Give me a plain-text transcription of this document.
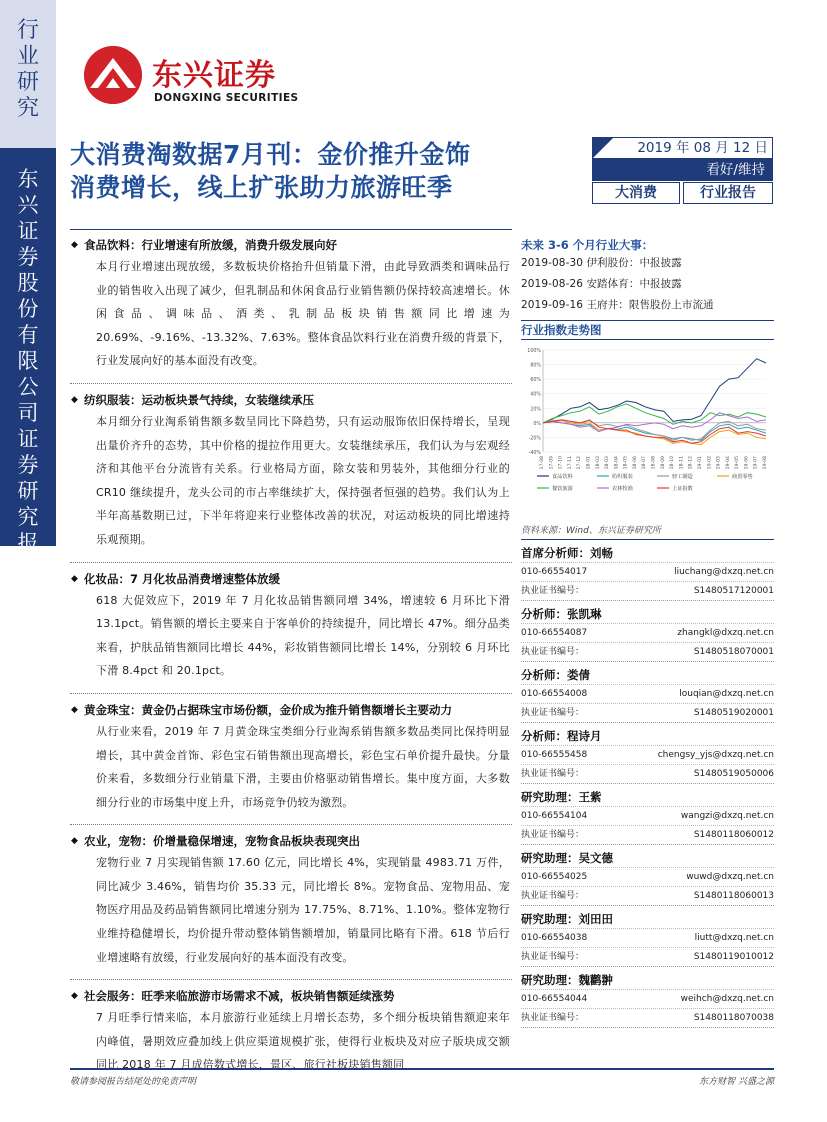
行业研究
东兴证券股份有限公司证券研究报告
东兴证券
DONGXING SECURITIES
大消费淘数据7月刊：金价推升金饰
消费增长，线上扩张助力旅游旺季
2019 年 08 月 12 日
看好/维持
大消费	行业报告
◆ 食品饮料：行业增速有所放缓，消费升级发展向好
本月行业增速出现放缓，多数板块价格抬升但销量下滑，由此导致酒类和调味品行业的销售收入出现了减少，但乳制品和休闲食品行业销售额仍保持较高速增长。休闲食品、调味品、酒类、乳制品板块销售额同比增速为 20.69%、-9.16%、-13.32%、7.63%。整体食品饮料行业在消费升级的背景下，行业发展向好的基本面没有改变。
◆ 纺织服装：运动板块景气持续，女装继续承压
本月细分行业淘系销售额多数呈同比下降趋势，只有运动服饰依旧保持增长，呈现出量价齐升的态势，其中价格的提拉作用更大。女装继续承压，我们认为与宏观经济和其他平台分流皆有关系。行业格局方面，除女装和男装外，其他细分行业的 CR10 继续提升，龙头公司的市占率继续扩大，保持强者恒强的趋势。我们认为上半年高基数期已过，下半年将迎来行业整体改善的状况，对运动板块的同比增速持乐观预期。
◆ 化妆品：7 月化妆品消费增速整体放缓
618 大促效应下，2019 年 7 月化妆品销售额同增 34%，增速较 6 月环比下滑 13.1pct。销售额的增长主要来自于客单价的持续提升，同比增长 47%。细分品类来看，护肤品销售额同比增长 44%，彩妆销售额同比增长 14%，分别较 6 月环比下滑 8.4pct 和 20.1pct。
◆ 黄金珠宝：黄金仍占据珠宝市场份额，金价成为推升销售额增长主要动力
从行业来看，2019 年 7 月黄金珠宝类细分行业淘系销售额多数品类同比保持明显增长，其中黄金首饰、彩色宝石销售额出现高增长，彩色宝石单价提升最快。分量价来看，多数细分行业销量下滑，主要由价格驱动销售增长。集中度方面，大多数细分行业的市场集中度上升，市场竞争仍较为激烈。
◆ 农业，宠物：价增量稳保增速，宠物食品板块表现突出
宠物行业 7 月实现销售额 17.60 亿元，同比增长 4%，实现销量 4983.71 万件，同比减少 3.46%，销售均价 35.33 元，同比增长 8%。宠物食品、宠物用品、宠物医疗用品及药品销售额同比增速分别为 17.75%、8.71%、1.10%。整体宠物行业维持稳健增长，均价提升带动整体销售额增加，销量同比略有下滑。618 节后行业增速略有放缓，行业发展向好的基本面没有改变。
◆ 社会服务：旺季来临旅游市场需求不减，板块销售额延续涨势
7 月旺季行情来临，本月旅游行业延续上月增长态势，多个细分板块销售额迎来年内峰值，暑期效应叠加线上供应渠道规模扩张，使得行业板块及对应子版块成交额同比 2018 年 7 月成倍数式增长，景区、旅行社板块销售额同
未来 3-6 个月行业大事：
2019-08-30 伊利股份：中报披露
2019-08-26 安踏体育：中报披露
2019-09-16 王府井：限售股份上市流通
行业指数走势图
100%
80%
60%
40%
20%
0%
-20%
-40%
17-08 17-09 17-10 17-11 17-12 18-01 18-02 18-03 18-04 18-05 18-06 18-07 18-08 18-09 18-10 18-11 18-12 19-01 19-02 19-03 19-04 19-05 19-06 19-07 19-08
食品饮料	纺织服装	轻工制造	商贸零售
餐饮旅游	农林牧渔	上证指数
资料来源：Wind、东兴证券研究所
首席分析师：刘畅
010-66554017	liuchang@dxzq.net.cn
执业证书编号：	S1480517120001
分析师：张凯琳
010-66554087	zhangkl@dxzq.net.cn
执业证书编号：	S1480518070001
分析师：娄倩
010-66554008	louqian@dxzq.net.cn
执业证书编号：	S1480519020001
分析师：程诗月
010-66555458	chengsy_yjs@dxzq.net.cn
执业证书编号：	S1480519050006
研究助理：王紫
010-66554104	wangzi@dxzq.net.cn
执业证书编号：	S1480118060012
研究助理：吴文德
010-66554025	wuwd@dxzq.net.cn
执业证书编号：	S1480118060013
研究助理：刘田田
010-66554038	liutt@dxzq.net.cn
执业证书编号：	S1480119010012
研究助理：魏鹳翀
010-66554044	weihch@dxzq.net.cn
执业证书编号：	S1480118070038
敬请参阅报告结尾处的免责声明	东方财智 兴盛之源
